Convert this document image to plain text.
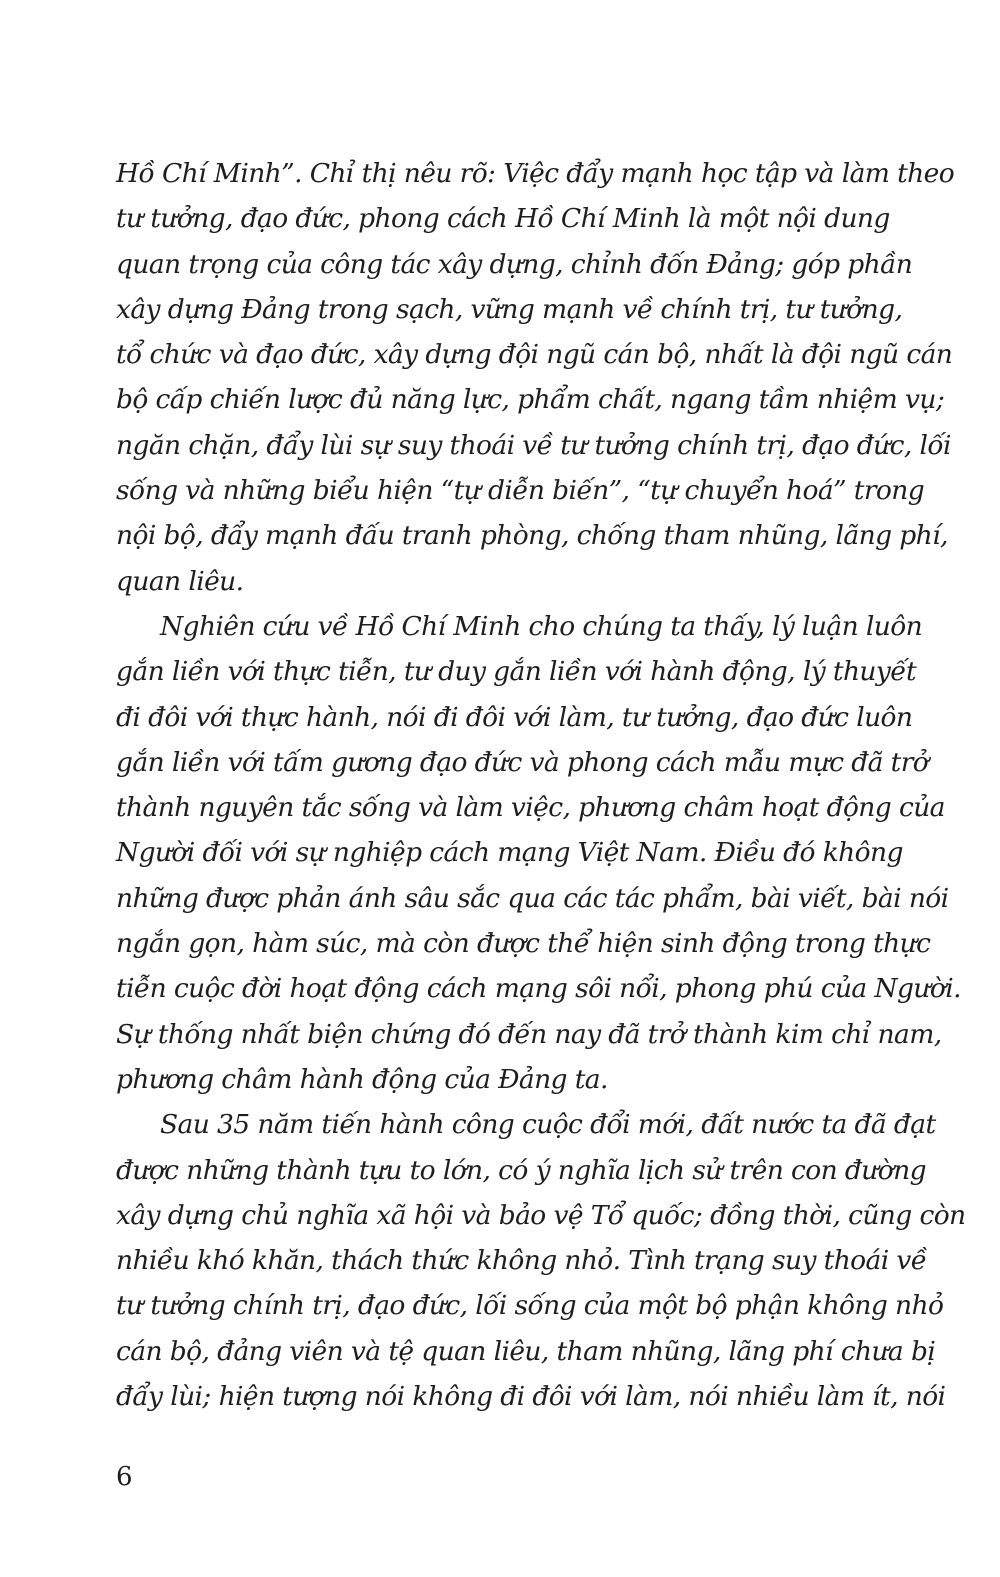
Hồ Chí Minh”. Chỉ thị nêu rõ: Việc đẩy mạnh học tập và làm theo
tư tưởng, đạo đức, phong cách Hồ Chí Minh là một nội dung
quan trọng của công tác xây dựng, chỉnh đốn Đảng; góp phần
xây dựng Đảng trong sạch, vững mạnh về chính trị, tư tưởng,
tổ chức và đạo đức, xây dựng đội ngũ cán bộ, nhất là đội ngũ cán
bộ cấp chiến lược đủ năng lực, phẩm chất, ngang tầm nhiệm vụ;
ngăn chặn, đẩy lùi sự suy thoái về tư tưởng chính trị, đạo đức, lối
sống và những biểu hiện “tự diễn biến”, “tự chuyển hoá” trong
nội bộ, đẩy mạnh đấu tranh phòng, chống tham nhũng, lãng phí,
quan liêu.
Nghiên cứu về Hồ Chí Minh cho chúng ta thấy, lý luận luôn
gắn liền với thực tiễn, tư duy gắn liền với hành động, lý thuyết
đi đôi với thực hành, nói đi đôi với làm, tư tưởng, đạo đức luôn
gắn liền với tấm gương đạo đức và phong cách mẫu mực đã trở
thành nguyên tắc sống và làm việc, phương châm hoạt động của
Người đối với sự nghiệp cách mạng Việt Nam. Điều đó không
những được phản ánh sâu sắc qua các tác phẩm, bài viết, bài nói
ngắn gọn, hàm súc, mà còn được thể hiện sinh động trong thực
tiễn cuộc đời hoạt động cách mạng sôi nổi, phong phú của Người.
Sự thống nhất biện chứng đó đến nay đã trở thành kim chỉ nam,
phương châm hành động của Đảng ta.
Sau 35 năm tiến hành công cuộc đổi mới, đất nước ta đã đạt
được những thành tựu to lớn, có ý nghĩa lịch sử trên con đường
xây dựng chủ nghĩa xã hội và bảo vệ Tổ quốc; đồng thời, cũng còn
nhiều khó khăn, thách thức không nhỏ. Tình trạng suy thoái về
tư tưởng chính trị, đạo đức, lối sống của một bộ phận không nhỏ
cán bộ, đảng viên và tệ quan liêu, tham nhũng, lãng phí chưa bị
đẩy lùi; hiện tượng nói không đi đôi với làm, nói nhiều làm ít, nói
6
